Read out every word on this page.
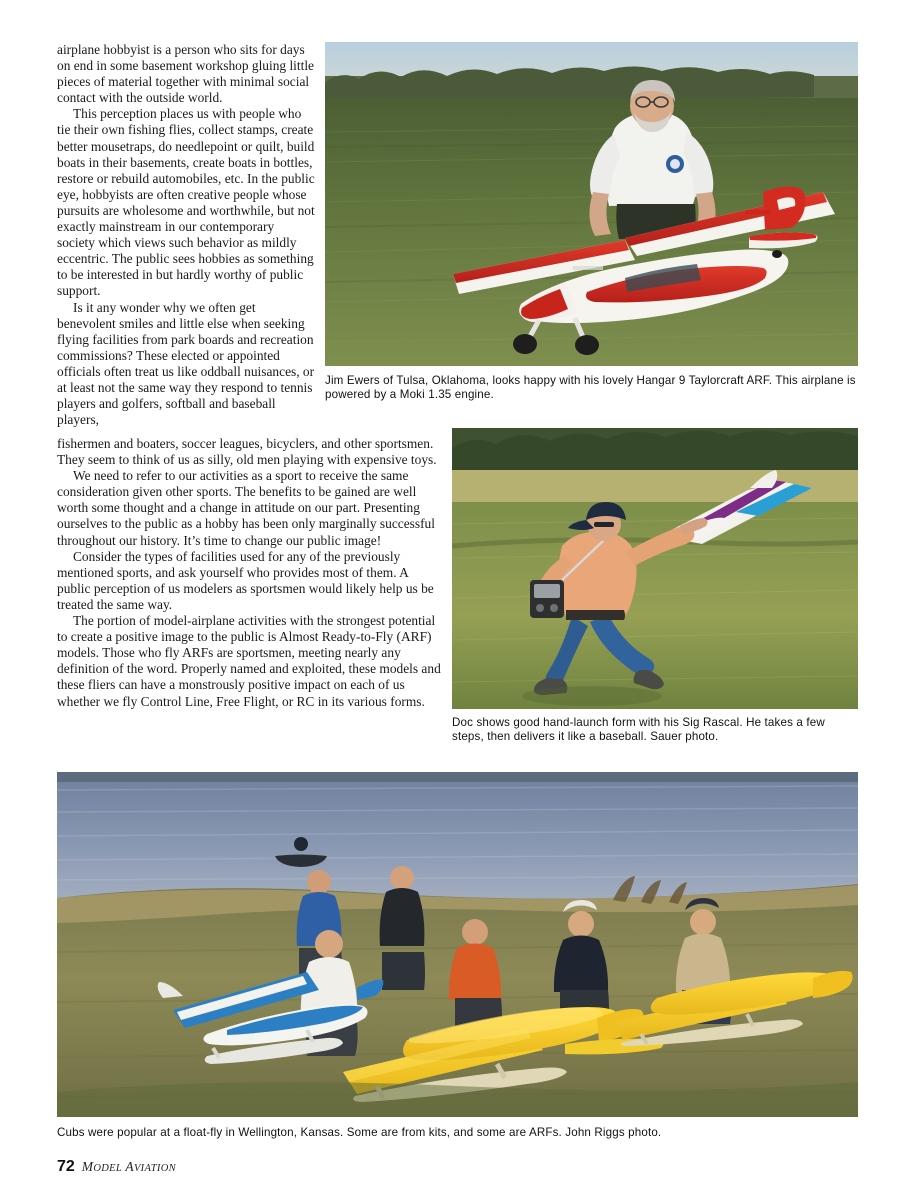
airplane hobbyist is a person who sits for days on end in some basement workshop gluing little pieces of material together with minimal social contact with the outside world.

This perception places us with people who tie their own fishing flies, collect stamps, create better mousetraps, do needlepoint or quilt, build boats in their basements, create boats in bottles, restore or rebuild automobiles, etc. In the public eye, hobbyists are often creative people whose pursuits are wholesome and worthwhile, but not exactly mainstream in our contemporary society which views such behavior as mildly eccentric. The public sees hobbies as something to be interested in but hardly worthy of public support.

Is it any wonder why we often get benevolent smiles and little else when seeking flying facilities from park boards and recreation commissions? These elected or appointed officials often treat us like oddball nuisances, or at least not the same way they respond to tennis players and golfers, softball and baseball players,

fishermen and boaters, soccer leagues, bicyclers, and other sportsmen. They seem to think of us as silly, old men playing with expensive toys.

We need to refer to our activities as a sport to receive the same consideration given other sports. The benefits to be gained are well worth some thought and a change in attitude on our part. Presenting ourselves to the public as a hobby has been only marginally successful throughout our history. It’s time to change our public image!

Consider the types of facilities used for any of the previously mentioned sports, and ask yourself who provides most of them. A public perception of us modelers as sportsmen would likely help us be treated the same way.

The portion of model-airplane activities with the strongest potential to create a positive image to the public is Almost Ready-to-Fly (ARF) models. Those who fly ARFs are sportsmen, meeting nearly any definition of the word. Properly named and exploited, these models and these fliers can have a monstrously positive impact on each of us whether we fly Control Line, Free Flight, or RC in its various forms.

Jim Ewers of Tulsa, Oklahoma, looks happy with his lovely Hangar 9 Taylorcraft ARF. This airplane is powered by a Moki 1.35 engine.
Doc shows good hand-launch form with his Sig Rascal. He takes a few steps, then delivers it like a baseball. Sauer photo.
Cubs were popular at a float-fly in Wellington, Kansas. Some are from kits, and some are ARFs. John Riggs photo.
72 MODEL AVIATION
